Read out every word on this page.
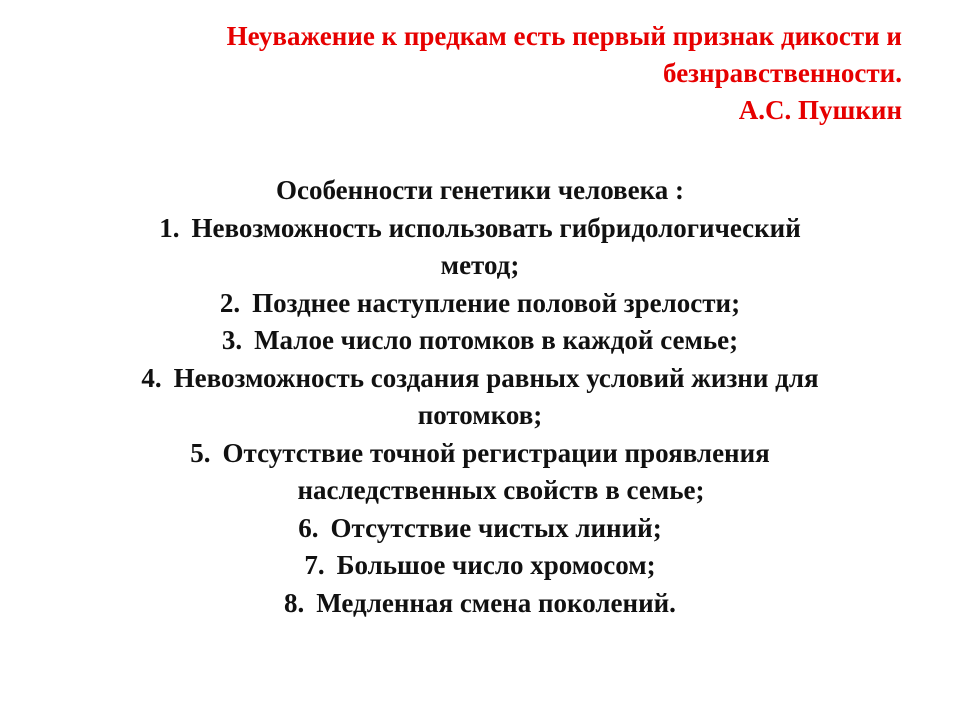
Неуважение к предкам есть первый признак дикости и
безнравственности.
А.С. Пушкин
Особенности генетики человека :
1. Невозможность использовать гибридологический
метод;
2. Позднее наступление половой зрелости;
3. Малое число потомков в каждой семье;
4. Невозможность создания равных условий жизни для
потомков;
5. Отсутствие точной регистрации проявления
наследственных свойств в семье;
6. Отсутствие чистых линий;
7. Большое число хромосом;
8. Медленная смена поколений.
